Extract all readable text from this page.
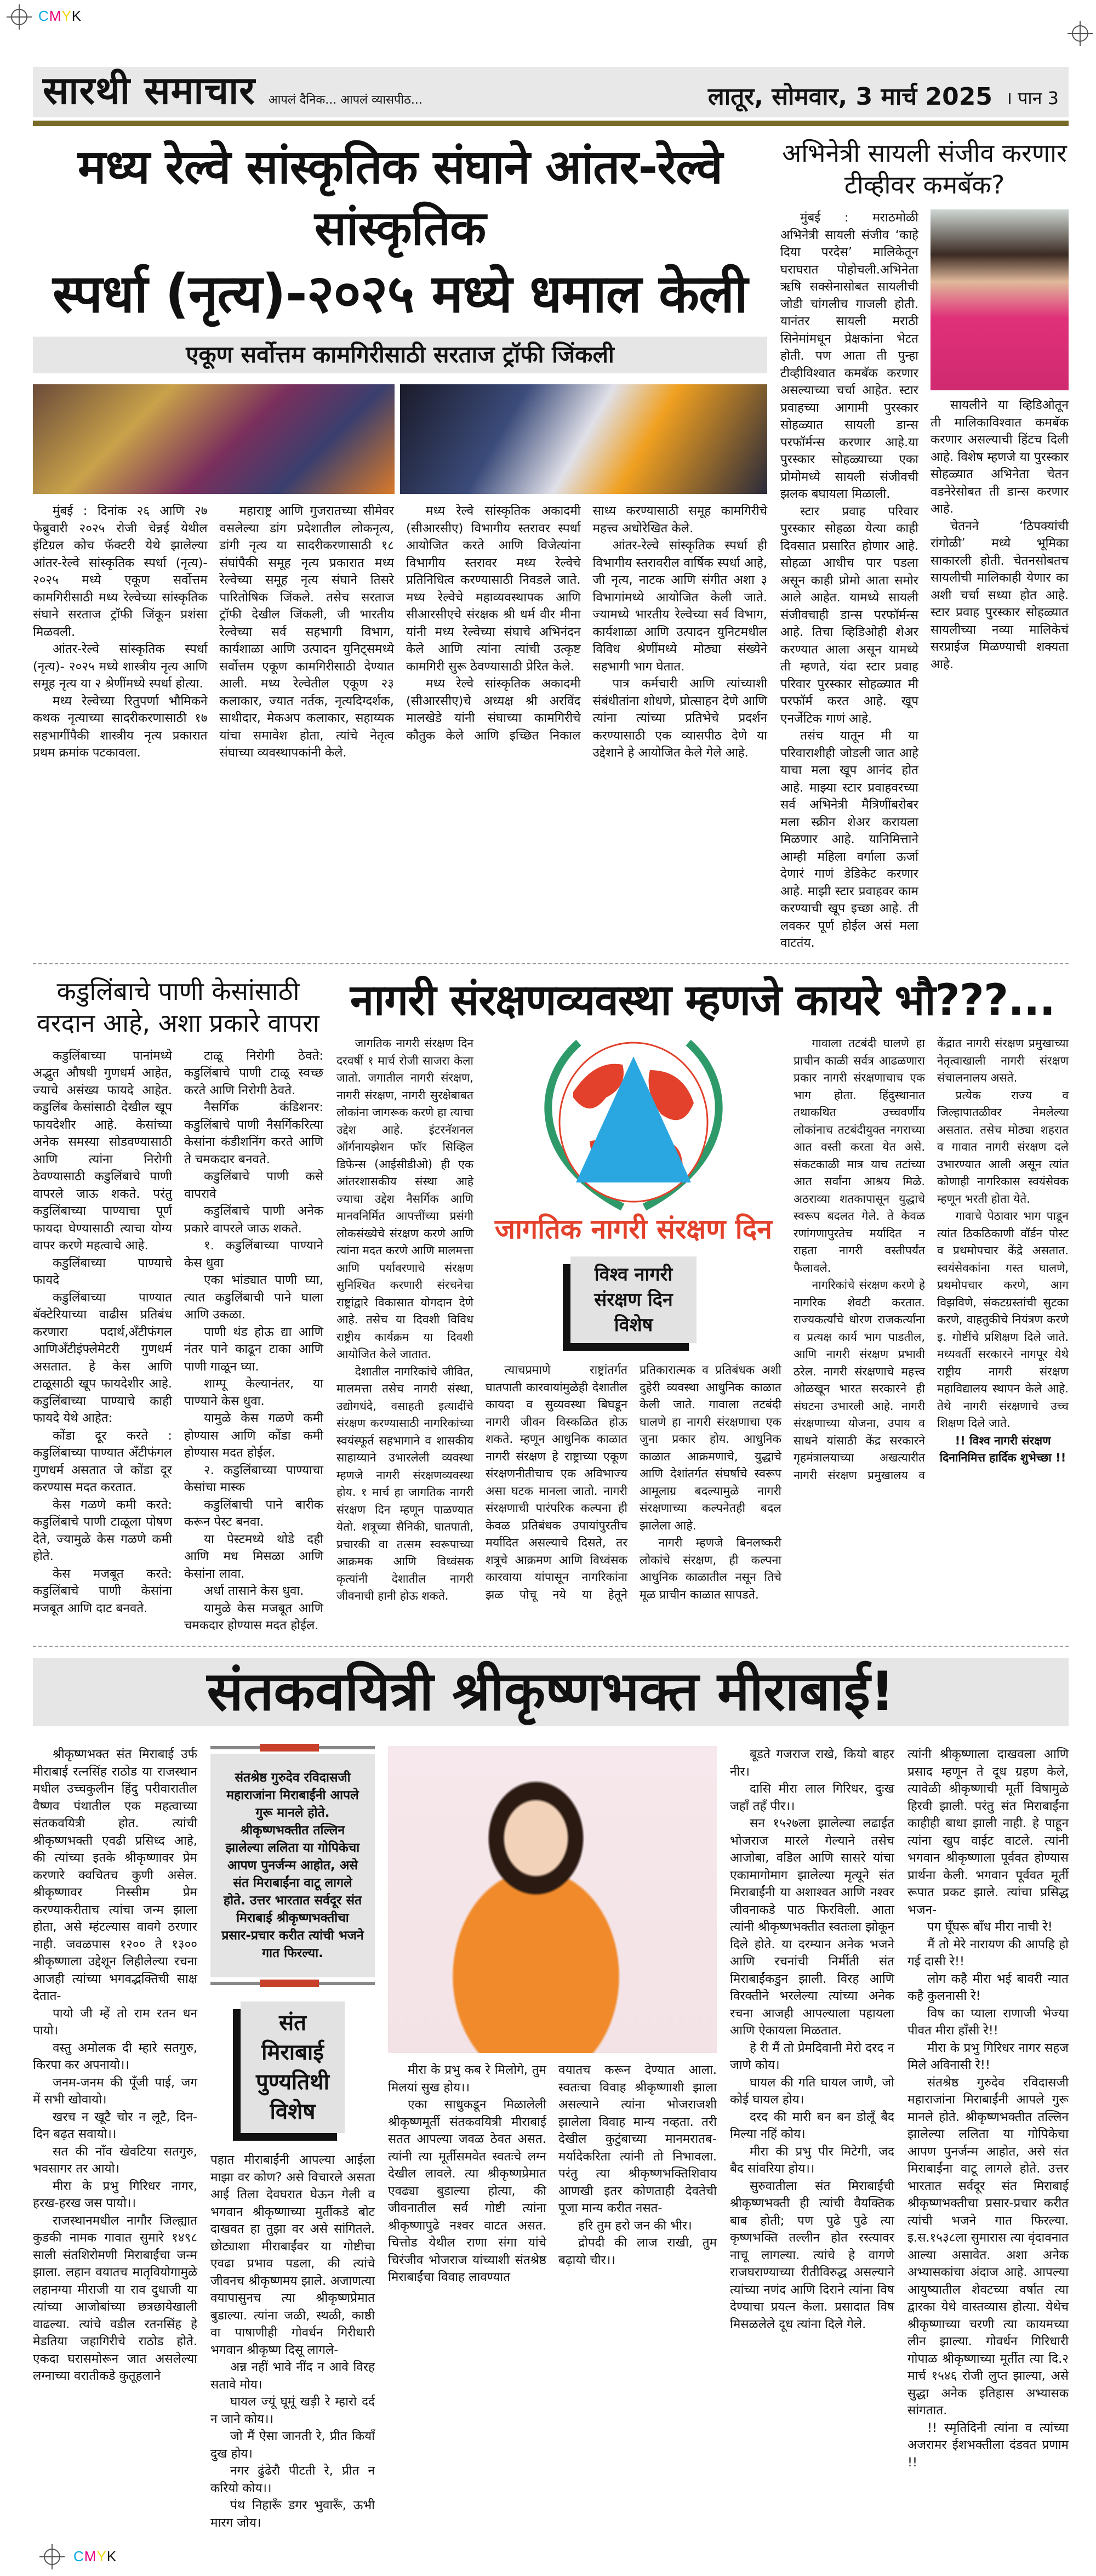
CMYK
सारथी समाचार आपलं दैनिक... आपलं व्यासपीठ...	लातूर, सोमवार, 3 मार्च 2025 । पान 3
मध्य रेल्वे सांस्कृतिक संघाने आंतर-रेल्वे सांस्कृतिक
स्पर्धा (नृत्य)-२०२५ मध्ये धमाल केली
एकूण सर्वोत्तम कामगिरीसाठी सरताज ट्रॉफी जिंकली

मुंबई : दिनांक २६ आणि २७ फेब्रुवारी २०२५ रोजी चेन्नई येथील इंटिग्रल कोच फॅक्टरी येथे झालेल्या आंतर-रेल्वे सांस्कृतिक स्पर्धा (नृत्य)- २०२५ मध्ये एकूण सर्वोत्तम कामगिरीसाठी मध्य रेल्वेच्या सांस्कृतिक संघाने सरताज ट्रॉफी जिंकून प्रशंसा मिळवली.

आंतर-रेल्वे सांस्कृतिक स्पर्धा (नृत्य)- २०२५ मध्ये शास्त्रीय नृत्य आणि समूह नृत्य या २ श्रेणींमध्ये स्पर्धा होत्या.

मध्य रेल्वेच्या रितुपर्णा भौमिकने कथक नृत्याच्या सादरीकरणासाठी १७ सहभागींपैकी शास्त्रीय नृत्य प्रकारात प्रथम क्रमांक पटकावला.

महाराष्ट्र आणि गुजरातच्या सीमेवर वसलेल्या डांग प्रदेशातील लोकनृत्य, डांगी नृत्य या सादरीकरणासाठी १८ संघांपैकी समूह नृत्य प्रकारात मध्य रेल्वेच्या समूह नृत्य संघाने तिसरे पारितोषिक जिंकले. तसेच सरताज ट्रॉफी देखील जिंकली, जी भारतीय रेल्वेच्या सर्व सहभागी विभाग, कार्यशाळा आणि उत्पादन युनिट्समध्ये सर्वोत्तम एकूण कामगिरीसाठी देण्यात आली. मध्य रेल्वेतील एकूण २३ कलाकार, ज्यात नर्तक, नृत्यदिग्दर्शक, साथीदार, मेकअप कलाकार, सहाय्यक यांचा समावेश होता, त्यांचे नेतृत्व संघाच्या व्यवस्थापकांनी केले.

मध्य रेल्वे सांस्कृतिक अकादमी (सीआरसीए) विभागीय स्तरावर स्पर्धा आयोजित करते आणि विजेत्यांना विभागीय स्तरावर मध्य रेल्वेचे प्रतिनिधित्व करण्यासाठी निवडले जाते. मध्य रेल्वेचे महाव्यवस्थापक आणि सीआरसीएचे संरक्षक श्री धर्म वीर मीना यांनी मध्य रेल्वेच्या संघाचे अभिनंदन केले आणि त्यांना त्यांची उत्कृष्ट कामगिरी सुरू ठेवण्यासाठी प्रेरित केले.

मध्य रेल्वे सांस्कृतिक अकादमी (सीआरसीए)चे अध्यक्ष श्री अरविंद मालखेडे यांनी संघाच्या कामगिरीचे कौतुक केले आणि इच्छित निकाल साध्य करण्यासाठी समूह कामगिरीचे महत्त्व अधोरेखित केले.

आंतर-रेल्वे सांस्कृतिक स्पर्धा ही विभागीय स्तरावरील वार्षिक स्पर्धा आहे, जी नृत्य, नाटक आणि संगीत अशा ३ विभागांमध्ये आयोजित केली जाते. ज्यामध्ये भारतीय रेल्वेच्या सर्व विभाग, कार्यशाळा आणि उत्पादन युनिटमधील विविध श्रेणींमध्ये मोठ्या संख्येने सहभागी भाग घेतात.

पात्र कर्मचारी आणि त्यांच्याशी संबंधीतांना शोधणे, प्रोत्साहन देणे आणि त्यांना त्यांच्या प्रतिभेचे प्रदर्शन करण्यासाठी एक व्यासपीठ देणे या उद्देशाने हे आयोजित केले गेले आहे.

अभिनेत्री सायली संजीव करणार टीव्हीवर कमबॅक?

मुंबई : मराठमोळी अभिनेत्री सायली संजीव ‘काहे दिया परदेस’ मालिकेतून घराघरात पोहोचली.अभिनेता ऋषि सक्सेनासोबत सायलीची जोडी चांगलीच गाजली होती. यानंतर सायली मराठी सिनेमांमधून प्रेक्षकांना भेटत होती. पण आता ती पुन्हा टीव्हीविश्वात कमबॅक करणार असल्याच्या चर्चा आहेत. स्टार प्रवाहच्या आगामी पुरस्कार सोहळ्यात सायली डान्स परफॉर्मन्स करणार आहे.या पुरस्कार सोहळ्याच्या एका प्रोमोमध्ये सायली संजीवची झलक बघायला मिळाली.

स्टार प्रवाह परिवार पुरस्कार सोहळा येत्या काही दिवसात प्रसारित होणार आहे. सोहळा आधीच पार पडला असून काही प्रोमो आता समोर आले आहेत. यामध्ये सायली संजीवचाही डान्स परफॉर्मन्स आहे. तिचा व्हिडिओही शेअर करण्यात आला असून यामध्ये ती म्हणते, यंदा स्टार प्रवाह परिवार पुरस्कार सोहळ्यात मी परफॉर्म करत आहे. खूप एनर्जेटिक गाणं आहे.

तसंच यातून मी या परिवाराशीही जोडली जात आहे याचा मला खूप आनंद होत आहे. माझ्या स्टार प्रवाहवरच्या सर्व अभिनेत्री मैत्रिणींबरोबर मला स्क्रीन शेअर करायला मिळणार आहे. यानिमित्ताने आम्ही महिला वर्गाला ऊर्जा देणारं गाणं डेडिकेट करणार आहे. माझी स्टार प्रवाहवर काम करण्याची खूप इच्छा आहे. ती लवकर पूर्ण होईल असं मला वाटतंय.

सायलीने या व्हिडिओतून ती मालिकाविश्वात कमबॅक करणार असल्याची हिंटच दिली आहे. विशेष म्हणजे या पुरस्कार सोहळ्यात अभिनेता चेतन वडनेरेसोबत ती डान्स करणार आहे.

चेतनने ‘ठिपक्यांची रांगोळी’ मध्ये भूमिका साकारली होती. चेतनसोबतच सायलीची मालिकाही येणार का अशी चर्चा सध्या होत आहे. स्टार प्रवाह पुरस्कार सोहळ्यात सायलीच्या नव्या मालिकेचं सरप्राईज मिळण्याची शक्यता आहे.

कडुलिंबाचे पाणी केसांसाठी वरदान आहे, अशा प्रकारे वापरा

कडुलिंबाच्या पानांमध्ये अद्भुत औषधी गुणधर्म आहेत, ज्याचे असंख्य फायदे आहेत. कडुलिंब केसांसाठी देखील खूप फायदेशीर आहे. केसांच्या अनेक समस्या सोडवण्यासाठी आणि त्यांना निरोगी ठेवण्यासाठी कडुलिंबाचे पाणी वापरले जाऊ शकते. परंतु कडुलिंबाच्या पाण्याचा पूर्ण फायदा घेण्यासाठी त्याचा योग्य वापर करणे महत्वाचे आहे.

कडुलिंबाच्या पाण्याचे फायदे

कडुलिंबाच्या पाण्यात बॅक्टेरियाच्या वाढीस प्रतिबंध करणारा पदार्थ,अँटीफंगल आणिअँटीइंफ्लेमेटरी गुणधर्म असतात. हे केस आणि टाळूसाठी खूप फायदेशीर आहे. कडुलिंबाच्या पाण्याचे काही फायदे येथे आहेत:

कोंडा दूर करते : कडुलिंबाच्या पाण्यात अँटीफंगल गुणधर्म असतात जे कोंडा दूर करण्यास मदत करतात.

केस गळणे कमी करते: कडुलिंबाचे पाणी टाळूला पोषण देते, ज्यामुळे केस गळणे कमी होते.

केस मजबूत करते: कडुलिंबाचे पाणी केसांना मजबूत आणि दाट बनवते.

टाळू निरोगी ठेवते: कडुलिंबाचे पाणी टाळू स्वच्छ करते आणि निरोगी ठेवते.

नैसर्गिक कंडिशनर: कडुलिंबाचे पाणी नैसर्गिकरित्या केसांना कंडीशनिंग करते आणि ते चमकदार बनवते.

कडुलिंबाचे पाणी कसे वापरावे

कडुलिंबाचे पाणी अनेक प्रकारे वापरले जाऊ शकते.

१. कडुलिंबाच्या पाण्याने केस धुवा

एका भांड्यात पाणी घ्या, त्यात कडुलिंबाची पाने घाला आणि उकळा.

पाणी थंड होऊ द्या आणि नंतर पाने काढून टाका आणि पाणी गाळून घ्या.

शाम्पू केल्यानंतर, या पाण्याने केस धुवा.

यामुळे केस गळणे कमी होण्यास आणि कोंडा कमी होण्यास मदत होईल.

२. कडुलिंबाच्या पाण्याचा केसांचा मास्क

कडुलिंबाची पाने बारीक करून पेस्ट बनवा.

या पेस्टमध्ये थोडे दही आणि मध मिसळा आणि केसांना लावा.

अर्धा तासाने केस धुवा.

यामुळे केस मजबूत आणि चमकदार होण्यास मदत होईल.

नागरी संरक्षणव्यवस्था म्हणजे कायरे भौ???...

जागतिक नागरी संरक्षण दिन दरवर्षी १ मार्च रोजी साजरा केला जातो. जगातील नागरी संरक्षण, नागरी संरक्षण, नागरी सुरक्षेबाबत लोकांना जागरूक करणे हा त्याचा उद्देश आहे. इंटरनॅशनल ऑर्गनायझेशन फॉर सिव्हिल डिफेन्स (आईसीडीओ) ही एक आंतरशासकीय संस्था आहे ज्याचा उद्देश नैसर्गिक आणि मानवनिर्मित आपत्तींच्या प्रसंगी लोकसंख्येचे संरक्षण करणे आणि त्यांना मदत करणे आणि मालमत्ता आणि पर्यावरणाचे संरक्षण सुनिश्चित करणारी संरचनेचा राष्ट्रांद्वारे विकासात योगदान देणे आहे. तसेच या दिवशी विविध राष्ट्रीय कार्यक्रम या दिवशी आयोजित केले जातात.

देशातील नागरिकांचे जीवित, मालमत्ता तसेच नागरी संस्था, उद्योगधंदे, वसाहती इत्यादींचे संरक्षण करण्यासाठी नागरिकांच्या स्वयंस्फूर्त सहभागाने व शासकीय साहाय्याने उभारलेली व्यवस्था म्हणजे नागरी संरक्षणव्यवस्था होय. १ मार्च हा जागतिक नागरी संरक्षण दिन म्हणून पाळण्यात येतो. शत्रूच्या सैनिकी, घातपाती, प्रचारकी वा तत्सम स्वरूपाच्या आक्रमक आणि विध्वंसक कृत्यांनी देशातील नागरी जीवनाची हानी होऊ शकते.

जागतिक नागरी संरक्षण दिन
विश्व नागरी
संरक्षण दिन
विशेष

त्याचप्रमाणे राष्ट्रांतर्गत घातपाती कारवायांमुळेही देशातील कायदा व सुव्यवस्था बिघडून नागरी जीवन विस्कळित होऊ शकते. म्हणून आधुनिक काळात नागरी संरक्षण हे राष्ट्राच्या एकूण संरक्षणनीतीचाच एक अविभाज्य असा घटक मानला जातो. नागरी संरक्षणाची पारंपरिक कल्पना ही केवळ प्रतिबंधक उपायांपुरतीच मर्यादित असल्याचे दिसते, तर शत्रूचे आक्रमण आणि विध्वंसक कारवाया यांपासून नागरिकांना झळ पोचू नये या हेतूने प्रतिकारात्मक व प्रतिबंधक अशी दुहेरी व्यवस्था आधुनिक काळात केली जाते. गावाला तटबंदी घालणे हा नागरी संरक्षणाचा एक जुना प्रकार होय. आधुनिक काळात आक्रमणाचे, युद्धाचे आणि देशांतर्गत संघर्षाचे स्वरूप आमूलाग्र बदल्यामुळे नागरी संरक्षणाच्या कल्पनेतही बदल झालेला आहे.

नागरी म्हणजे बिनलष्करी लोकांचे संरक्षण, ही कल्पना आधुनिक काळातील नसून तिचे मूळ प्राचीन काळात सापडते.

गावाला तटबंदी घालणे हा प्राचीन काळी सर्वत्र आढळणारा प्रकार नागरी संरक्षणाचाच एक भाग होता. हिंदुस्थानात तथाकथित उच्चवर्णीय लोकांनाच तटबंदीयुक्त नगराच्या आत वस्ती करता येत असे. संकटकाळी मात्र याच तटांच्या आत सर्वांना आश्रय मिळे. अठराव्या शतकापासून युद्धाचे स्वरूप बदलत गेले. ते केवळ रणांगणापुरतेच मर्यादित न राहता नागरी वस्तीपर्यंत फैलावले.

नागरिकांचे संरक्षण करणे हे नागरिक शेवटी करतात. राज्यकर्त्यांचे धोरण राजकर्त्यांना व प्रत्यक्ष कार्य भाग पाडतील, आणि नागरी संरक्षण प्रभावी ठरेल. नागरी संरक्षणाचे महत्त्व ओळखून भारत सरकारने ही संघटना उभारली आहे. नागरी संरक्षणाच्या योजना, उपाय व साधने यांसाठी केंद्र सरकारने गृहमंत्रालयाच्या अखत्यारीत नागरी संरक्षण प्रमुखालय व केंद्रात नागरी संरक्षण प्रमुखाच्या नेतृत्वाखाली नागरी संरक्षण संचालनालय असते.

प्रत्येक राज्य व जिल्हापातळीवर नेमलेल्या असतात. तसेच मोठ्या शहरात व गावात नागरी संरक्षण दले उभारण्यात आली असून त्यांत कोणाही नागरिकास स्वयंसेवक म्हणून भरती होता येते.

गावाचे पेठावार भाग पाडून त्यांत ठिकठिकाणी वॉर्डन पोस्ट व प्रथमोपचार केंद्रे असतात. स्वयंसेवकांना गस्त घालणे, प्रथमोपचार करणे, आग विझविणे, संकटग्रस्तांची सुटका करणे, वाहतुकीचे नियंत्रण करणे इ. गोष्टींचे प्रशिक्षण दिले जाते. मध्यवर्ती सरकारने नागपूर येथे राष्ट्रीय नागरी संरक्षण महाविद्यालय स्थापन केले आहे. तेथे नागरी संरक्षणाचे उच्च शिक्षण दिले जाते.

!! विश्व नागरी संरक्षण दिनानिमित्त हार्दिक शुभेच्छा !!

संतकवयित्री श्रीकृष्णभक्त मीराबाई!

श्रीकृष्णभक्त संत मिराबाई उर्फ मीराबाई रत्नसिंह राठोड या राजस्थान मधील उच्चकुलीन हिंदु परीवारातील वैष्णव पंथातील एक महत्वाच्या संतकवयित्री होत. त्यांची श्रीकृष्णभक्ती एवढी प्रसिध्द आहे, की त्यांच्या इतके श्रीकृष्णावर प्रेम करणारे क्वचितच कुणी असेल. श्रीकृष्णावर निस्सीम प्रेम करण्याकरीताच त्यांचा जन्म झाला होता, असे म्हंटल्यास वावगे ठरणार नाही. जवळपास १२०० ते १३०० श्रीकृष्णाला उद्देशून लिहीलेल्या रचना आजही त्यांच्या भगवद्भक्तिची साक्ष देतात-

पायो जी म्हें तो राम रतन धन पायो।

वस्तु अमोलक दी म्हारे सतगुरु, किरपा कर अपनायो।।

जनम-जनम की पूँजी पाई, जग में सभी खोवायो।

खरच न खूटै चोर न लूटै, दिन-दिन बढ़त सवायो।।

सत की नाँव खेवटिया सतगुरु, भवसागर तर आयो।

मीरा के प्रभु गिरिधर नागर, हरख-हरख जस पायो।।

राजस्थानमधील नागौर जिल्ह्यात कुडकी नामक गावात सुमारे १४९८ साली संतशिरोमणी मिराबाईंचा जन्म झाला. लहान वयातच मातृवियोगामुळे लहानग्या मीराजी या राव दुधाजी या त्यांच्या आजोबांच्या छत्रछायेखाली वाढल्या. त्यांचे वडील रतनसिंह हे मेडतिया जहागिरीचे राठोड होते. एकदा घरासमोरून जात असलेल्या लग्नाच्या वरातीकडे कुतूहलाने

संतश्रेष्ठ गुरुदेव रविदासजी महाराजांना मिराबाईंनी आपले गुरू मानले होते. श्रीकृष्णभक्तीत तल्लिन झालेल्या ललिता या गोपिकेचा आपण पुनर्जन्म आहोत, असे संत मिराबाईंना वाटू लागले होते. उत्तर भारतात सर्वदूर संत मिराबाई श्रीकृष्णभक्तीचा प्रसार-प्रचार करीत त्यांची भजने गात फिरल्या.
संत
मिराबाई
पुण्यतिथी
विशेष

पहात मीराबाईंनी आपल्या आईला माझा वर कोण? असे विचारले असता आई तिला देवघरात घेऊन गेली व भगवान श्रीकृष्णाच्या मुर्तीकडे बोट दाखवत हा तुझा वर असे सांगितले. छोट्याशा मीराबाईंवर या गोष्टीचा एवढा प्रभाव पडला, की त्यांचे जीवनच श्रीकृष्णमय झाले. अजाणत्या वयापासुनच त्या श्रीकृष्णप्रेमात बुडाल्या. त्यांना जळी, स्थळी, काष्ठी वा पाषाणीही गोवर्धन गिरीधारी भगवान श्रीकृष्ण दिसू लागले-

अन्न नहीं भावे नींद न आवे विरह सतावे मोय।

घायल ज्यूं घूमूं खड़ी रे म्हारो दर्द न जाने कोय।।

जो मैं ऐसा जानती रे, प्रीत कियाँ दुख होय।

नगर ढुंढेरौ पीटती रे, प्रीत न करियो कोय।।

पंथ निहारूँ डगर भुवारूँ, ऊभी मारग जोय।

मीरा के प्रभु कब रे मिलोगे, तुम मिलयां सुख होय।।

एका साधुकडून मिळालेली श्रीकृष्णमूर्ती संतकवयित्री मीराबाई सतत आपल्या जवळ ठेवत असत. त्यांनी त्या मूर्तीसमवेत स्वतःचे लग्न देखील लावले. त्या श्रीकृष्णप्रेमात एवढ्या बुडाल्या होत्या, की जीवनातील सर्व गोष्टी त्यांना श्रीकृष्णापुढे नश्वर वाटत असत. चित्तोड येथील राणा संगा यांचे चिरंजीव भोजराज यांच्याशी संतश्रेष्ठ मिराबाईंचा विवाह लावण्यात

वयातच करून देण्यात आला. स्वतःचा विवाह श्रीकृष्णाशी झाला असल्याने त्यांना भोजराजशी झालेला विवाह मान्य नव्हता. तरी देखील कुटुंबाच्या मानमरातब-मर्यादेकरिता त्यांनी तो निभावला. परंतु त्या श्रीकृष्णभक्तिशिवाय आणखी इतर कोणताही देवतेची पूजा मान्य करीत नसत-

हरि तुम हरो जन की भीर।

द्रोपदी की लाज राखी, तुम बढ़ायो चीर।।

बूडते गजराज राखे, कियो बाहर नीर।

दासि मीरा लाल गिरिधर, दुःख जहाँ तहँ पीर।।

सन १५२७ला झालेल्या लढाईत भोजराज मारले गेल्याने तसेच आजोबा, वडिल आणि सासरे यांचा एकामागोमाग झालेल्या मृत्यूने संत मिराबाईंनी या अशाश्वत आणि नश्वर जीवनाकडे पाठ फिरविली. आता त्यांनी श्रीकृष्णभक्तीत स्वतःला झोकून दिले होते. या दरम्यान अनेक भजने आणि रचनांची निर्मीती संत मिराबाईंकडुन झाली. विरह आणि विरक्तीने भरलेल्या त्यांच्या अनेक रचना आजही आपल्याला पहायला आणि ऐकायला मिळतात.

हे री मैं तो प्रेमदिवानी मेरो दरद न जाणे कोय।

घायल की गति घायल जाणै, जो कोई घायल होय।

दरद की मारी बन बन डोलूँ बैद मिल्या नहिं कोय।

मीरा की प्रभु पीर मिटेगी, जद बैद सांवरिया होय।।

सुरुवातीला संत मिराबाईंची श्रीकृष्णभक्ती ही त्यांची वैयक्तिक बाब होती; पण पुढे पुढे त्या कृष्णभक्ति तल्लीन होत रस्त्यावर नाचू लागल्या. त्यांचे हे वागणे राजघराण्याच्या रीतीविरुद्ध असल्याने त्यांच्या नणंद आणि दिराने त्यांना विष देण्याचा प्रयत्न केला. प्रसादात विष मिसळलेले दूध त्यांना दिले गेले.

त्यांनी श्रीकृष्णाला दाखवला आणि प्रसाद म्हणून ते दूध ग्रहण केले, त्यावेळी श्रीकृष्णाची मूर्ती विषामुळे हिरवी झाली. परंतु संत मिराबाईंना काहीही बाधा झाली नाही. हे पाहून त्यांना खुप वाईट वाटले. त्यांनी भगवान श्रीकृष्णाला पूर्ववत होण्यास प्रार्थना केली. भगवान पूर्ववत मूर्ती रूपात प्रकट झाले. त्यांचा प्रसिद्ध भजन-

पग घूँघरू बाँध मीरा नाची रे!

मैं तो मेरे नारायण की आपहि हो गई दासी रे!!

लोग कहै मीरा भई बावरी न्यात कहै कुलनासी रे!

विष का प्याला राणाजी भेज्या पीवत मीरा हाँसी रे!!

मीरा के प्रभु गिरिधर नागर सहज मिले अविनासी रे!!

संतश्रेष्ठ गुरुदेव रविदासजी महाराजांना मिराबाईंनी आपले गुरू मानले होते. श्रीकृष्णभक्तीत तल्लिन झालेल्या ललिता या गोपिकेचा आपण पुनर्जन्म आहोत, असे संत मिराबाईंना वाटू लागले होते. उत्तर भारतात सर्वदूर संत मिराबाई श्रीकृष्णभक्तीचा प्रसार-प्रचार करीत त्यांची भजने गात फिरल्या. इ.स.१५३८ला सुमारास त्या वृंदावनात आल्या असावेत. अशा अनेक अभ्यासकांचा अंदाज आहे. आपल्या आयुष्यातील शेवटच्या वर्षात त्या द्वारका येथे वास्तव्यास होत्या. येथेच श्रीकृष्णाच्या चरणी त्या कायमच्या लीन झाल्या. गोवर्धन गिरिधारी गोपाळ श्रीकृष्णाच्या मूर्तीत त्या दि.२ मार्च १५४६ रोजी लुप्त झाल्या, असे सुद्धा अनेक इतिहास अभ्यासक सांगतात.

!! स्मृतिदिनी त्यांना व त्यांच्या अजरामर ईशभक्तीला दंडवत प्रणाम !!

CMYK
